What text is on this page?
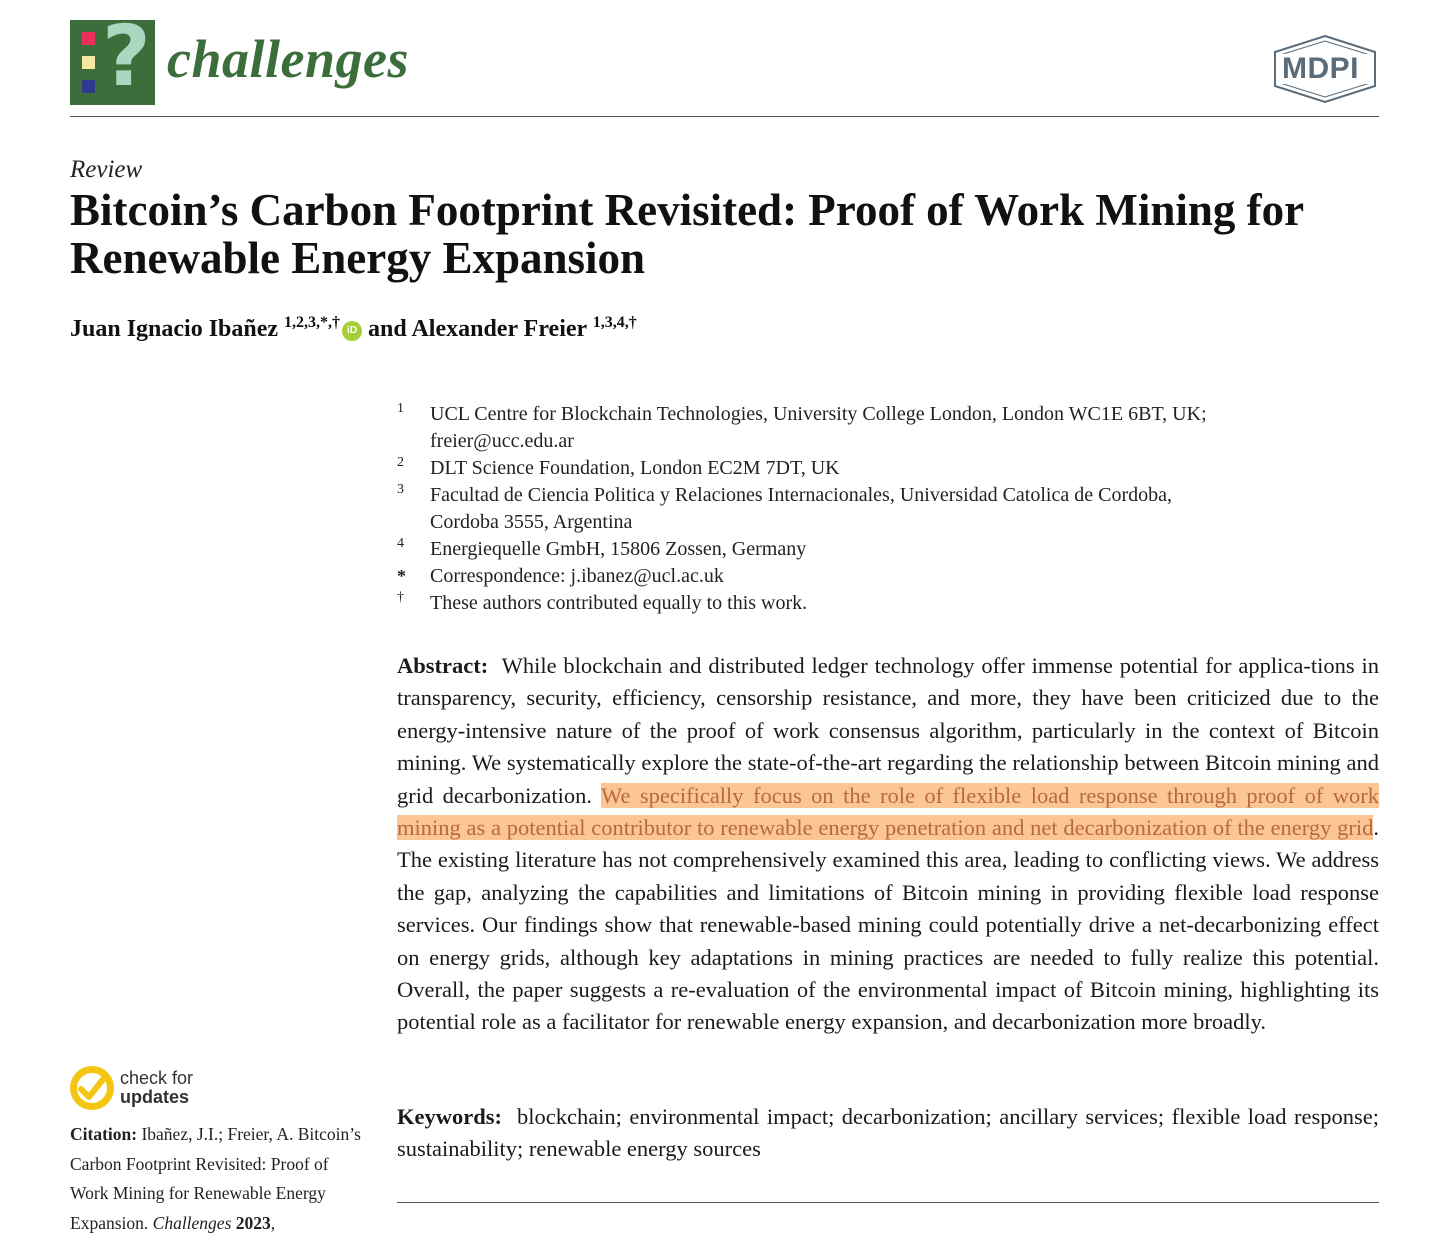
? challenges	MDPI
Review
Bitcoin’s Carbon Footprint Revisited: Proof of Work Mining for Renewable Energy Expansion
Juan Ignacio Ibañez $^{1,2,3,*,\dagger}$ iD and Alexander Freier $^{1,3,4,\dagger}$
1 UCL Centre for Blockchain Technologies, University College London, London WC1E 6BT, UK;
freier@ucc.edu.ar
2 DLT Science Foundation, London EC2M 7DT, UK
3 Facultad de Ciencia Politica y Relaciones Internacionales, Universidad Catolica de Cordoba,
Cordoba 3555, Argentina
4 Energiequelle GmbH, 15806 Zossen, Germany
* Correspondence: j.ibanez@ucl.ac.uk
† These authors contributed equally to this work.

Abstract: While blockchain and distributed ledger technology offer immense potential for applica-tions in transparency, security, efficiency, censorship resistance, and more, they have been criticized due to the energy-intensive nature of the proof of work consensus algorithm, particularly in the context of Bitcoin mining. We systematically explore the state-of-the-art regarding the relationship between Bitcoin mining and grid decarbonization. We specifically focus on the role of flexible load response through proof of work mining as a potential contributor to renewable energy penetration and net decarbonization of the energy grid. The existing literature has not comprehensively examined this area, leading to conflicting views. We address the gap, analyzing the capabilities and limitations of Bitcoin mining in providing flexible load response services. Our findings show that renewable-based mining could potentially drive a net-decarbonizing effect on energy grids, although key adaptations in mining practices are needed to fully realize this potential. Overall, the paper suggests a re-evaluation of the environmental impact of Bitcoin mining, highlighting its potential role as a facilitator for renewable energy expansion, and decarbonization more broadly.

Keywords: blockchain; environmental impact; decarbonization; ancillary services; flexible load response; sustainability; renewable energy sources

check for
updates

Citation: Ibañez, J.I.; Freier, A. Bitcoin’s Carbon Footprint Revisited: Proof of Work Mining for Renewable Energy Expansion. Challenges 2023,
